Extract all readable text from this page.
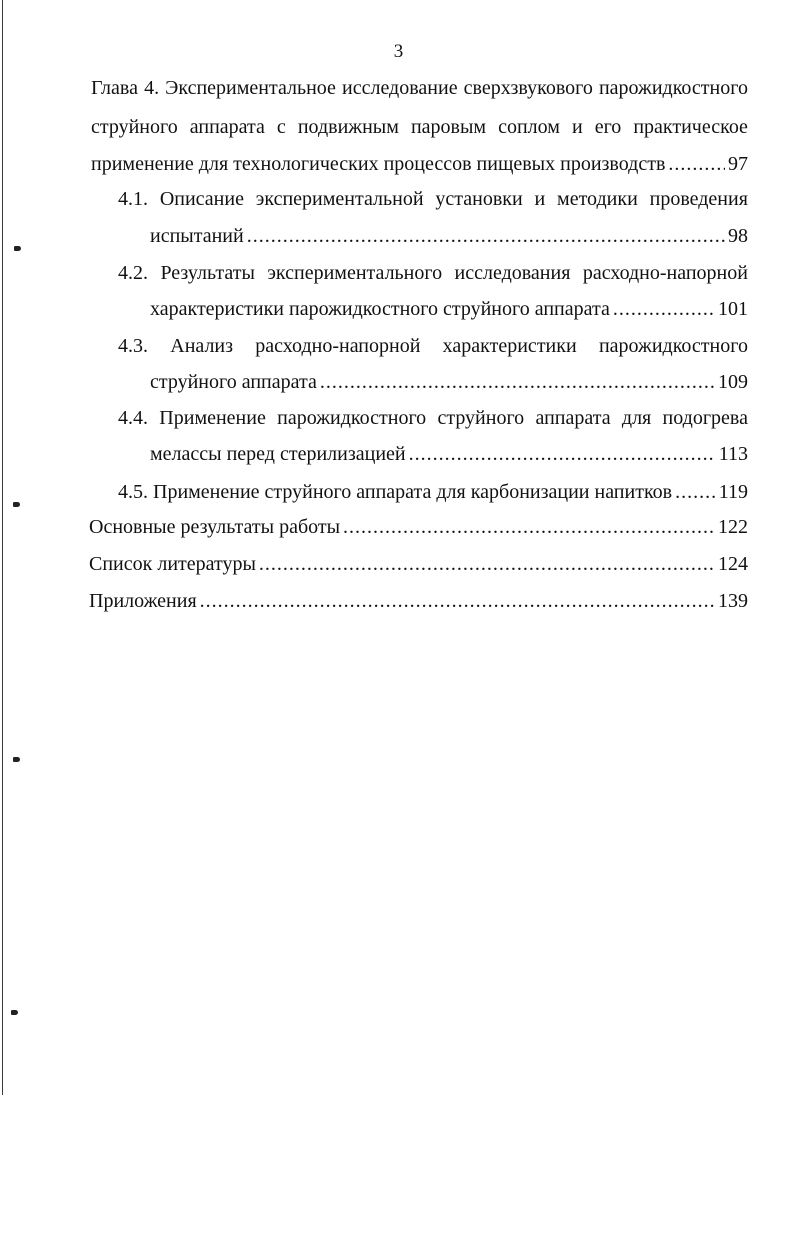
3
Глава 4. Экспериментальное исследование сверхзвукового парожидкостного
струйного аппарата с подвижным паровым соплом и его практическое
применение для технологических процессов пищевых производств .....	97
4.1. Описание экспериментальной установки и методики проведения
испытаний .....	98
4.2. Результаты экспериментального исследования расходно-напорной
характеристики парожидкостного струйного аппарата .....	101
4.3. Анализ расходно-напорной характеристики парожидкостного
струйного аппарата .....	109
4.4. Применение парожидкостного струйного аппарата для подогрева
мелассы перед стерилизацией .....	113
4.5. Применение струйного аппарата для карбонизации напитков ..... 119
Основные результаты работы .....	122
Список литературы .....	124
Приложения .....	139
